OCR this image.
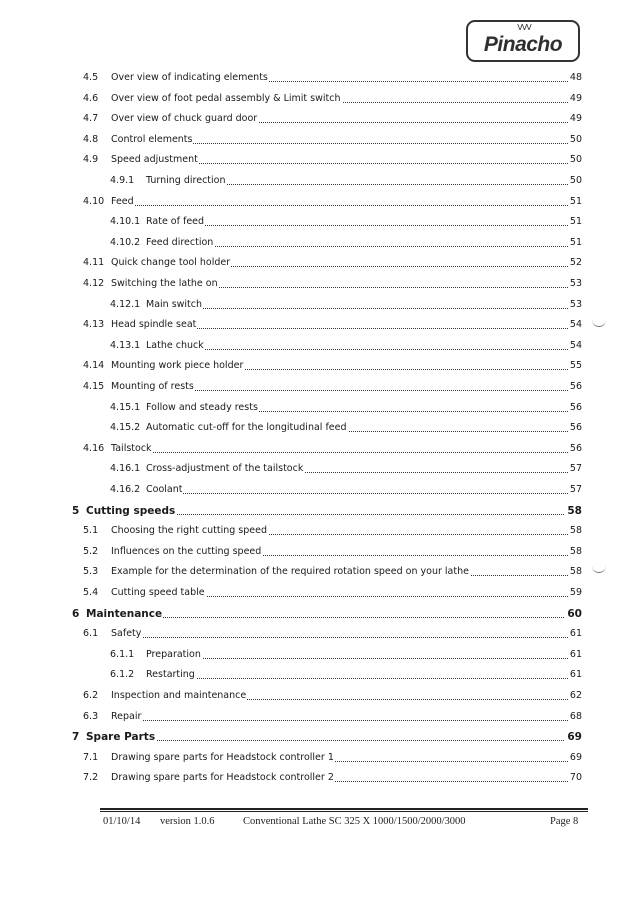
VVV
Pinacho
4.5 Over view of indicating elements	48
4.6 Over view of foot pedal assembly & Limit switch	49
4.7 Over view of chuck guard door	49
4.8 Control elements	50
4.9 Speed adjustment	50
4.9.1 Turning direction	50
4.10 Feed	51
4.10.1 Rate of feed	51
4.10.2 Feed direction	51
4.11 Quick change tool holder	52
4.12 Switching the lathe on	53
4.12.1 Main switch	53
4.13 Head spindle seat	54
4.13.1 Lathe chuck	54
4.14 Mounting work piece holder	55
4.15 Mounting of rests	56
4.15.1 Follow and steady rests	56
4.15.2 Automatic cut-off for the longitudinal feed	56
4.16 Tailstock	56
4.16.1 Cross-adjustment of the tailstock	57
4.16.2 Coolant	57
5 Cutting speeds	58
5.1 Choosing the right cutting speed	58
5.2 Influences on the cutting speed	58
5.3 Example for the determination of the required rotation speed on your lathe	58
5.4 Cutting speed table	59
6 Maintenance	60
6.1 Safety	61
6.1.1 Preparation	61
6.1.2 Restarting	61
6.2 Inspection and maintenance	62
6.3 Repair	68
7 Spare Parts	69
7.1 Drawing spare parts for Headstock controller 1	69
7.2 Drawing spare parts for Headstock controller 2	70
01/10/14 version 1.0.6	Conventional Lathe SC 325 X 1000/1500/2000/3000	Page 8
